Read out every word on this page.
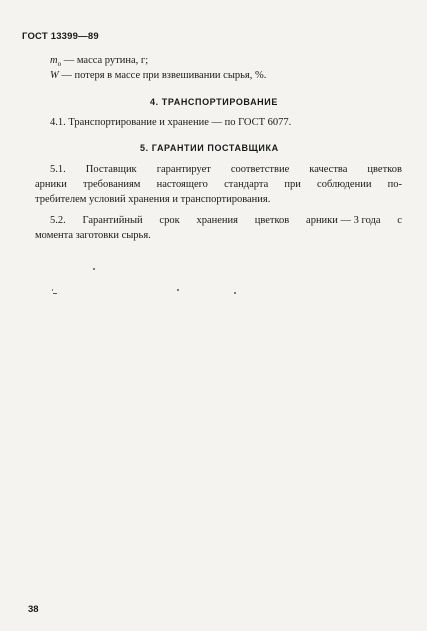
ГОСТ 13399—89
$m_о$ — масса рутина, г;
W — потеря в массе при взвешивании сырья, %.
4. ТРАНСПОРТИРОВАНИЕ
4.1. Транспортирование и хранение — по ГОСТ 6077.
5. ГАРАНТИИ ПОСТАВЩИКА
5.1. Поставщик гарантирует соответствие качества цветков
арники требованиям настоящего стандарта при соблюдении по-
требителем условий хранения и транспортирования.
5.2. Гарантийный срок хранения цветков арники — 3 года с
момента заготовки сырья.
38
